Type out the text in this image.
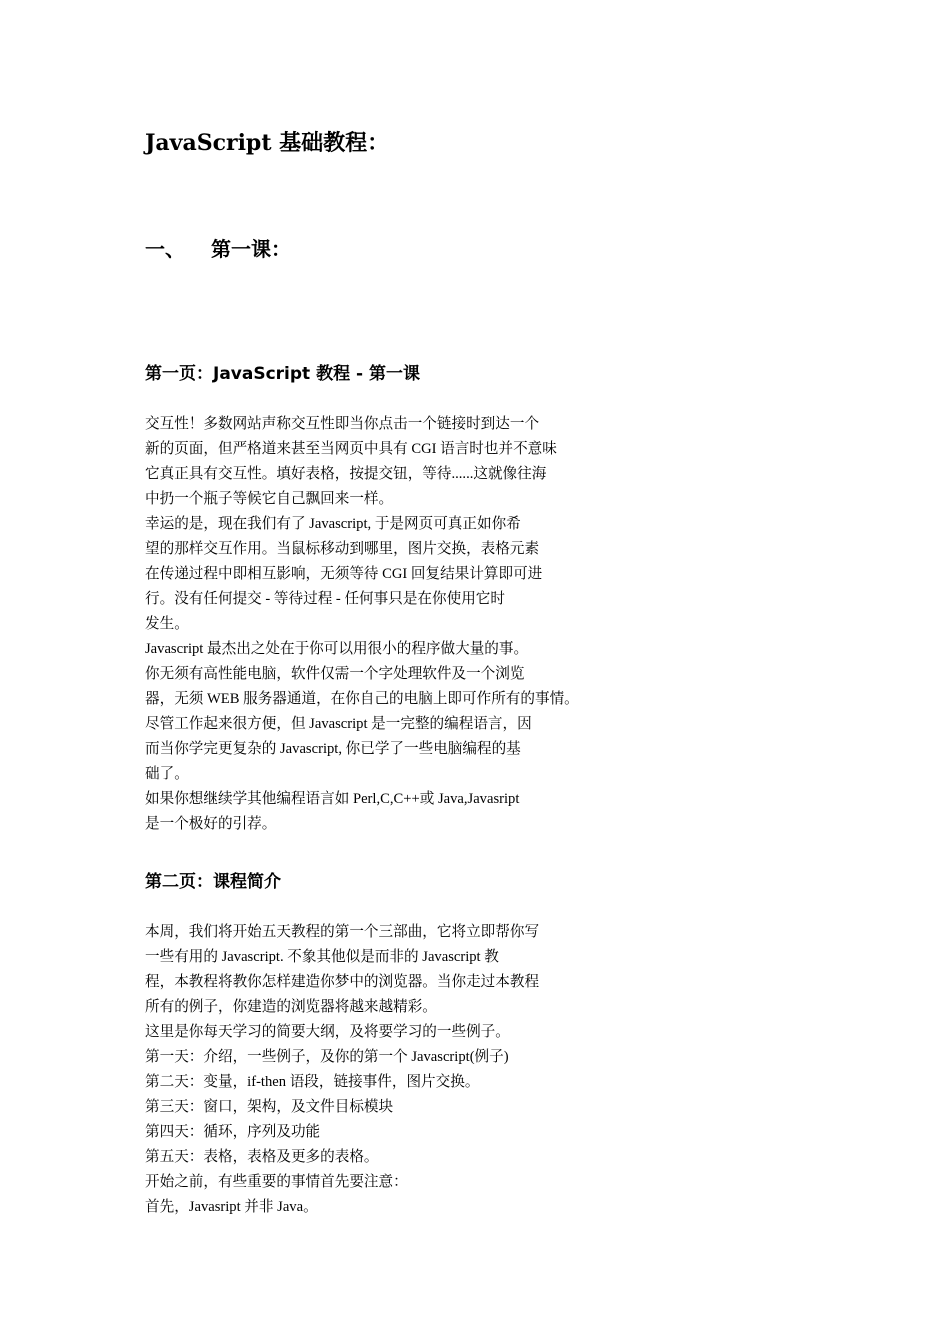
JavaScript 基础教程：
一、 第一课：
第一页：JavaScript 教程 - 第一课
交互性！多数网站声称交互性即当你点击一个链接时到达一个
新的页面，但严格道来甚至当网页中具有 CGI 语言时也并不意味
它真正具有交互性。填好表格，按提交钮，等待......这就像往海
中扔一个瓶子等候它自己飘回来一样。
幸运的是，现在我们有了 Javascript, 于是网页可真正如你希
望的那样交互作用。当鼠标移动到哪里，图片交换，表格元素
在传递过程中即相互影响，无须等待 CGI 回复结果计算即可进
行。没有任何提交 - 等待过程 - 任何事只是在你使用它时
发生。
Javascript 最杰出之处在于你可以用很小的程序做大量的事。
你无须有高性能电脑，软件仅需一个字处理软件及一个浏览
器，无须 WEB 服务器通道，在你自己的电脑上即可作所有的事情。
尽管工作起来很方便，但 Javascript 是一完整的编程语言，因
而当你学完更复杂的 Javascript, 你已学了一些电脑编程的基
础了。
如果你想继续学其他编程语言如 Perl,C,C++或 Java,Javasript
是一个极好的引荐。
第二页：课程简介
本周，我们将开始五天教程的第一个三部曲，它将立即帮你写
一些有用的 Javascript. 不象其他似是而非的 Javascript 教
程，本教程将教你怎样建造你梦中的浏览器。当你走过本教程
所有的例子，你建造的浏览器将越来越精彩。
这里是你每天学习的简要大纲，及将要学习的一些例子。
第一天：介绍，一些例子，及你的第一个 Javascript(例子)
第二天：变量，if-then 语段，链接事件，图片交换。
第三天：窗口，架构，及文件目标模块
第四天：循环，序列及功能
第五天：表格，表格及更多的表格。
开始之前，有些重要的事情首先要注意：
首先，Javasript 并非 Java。
